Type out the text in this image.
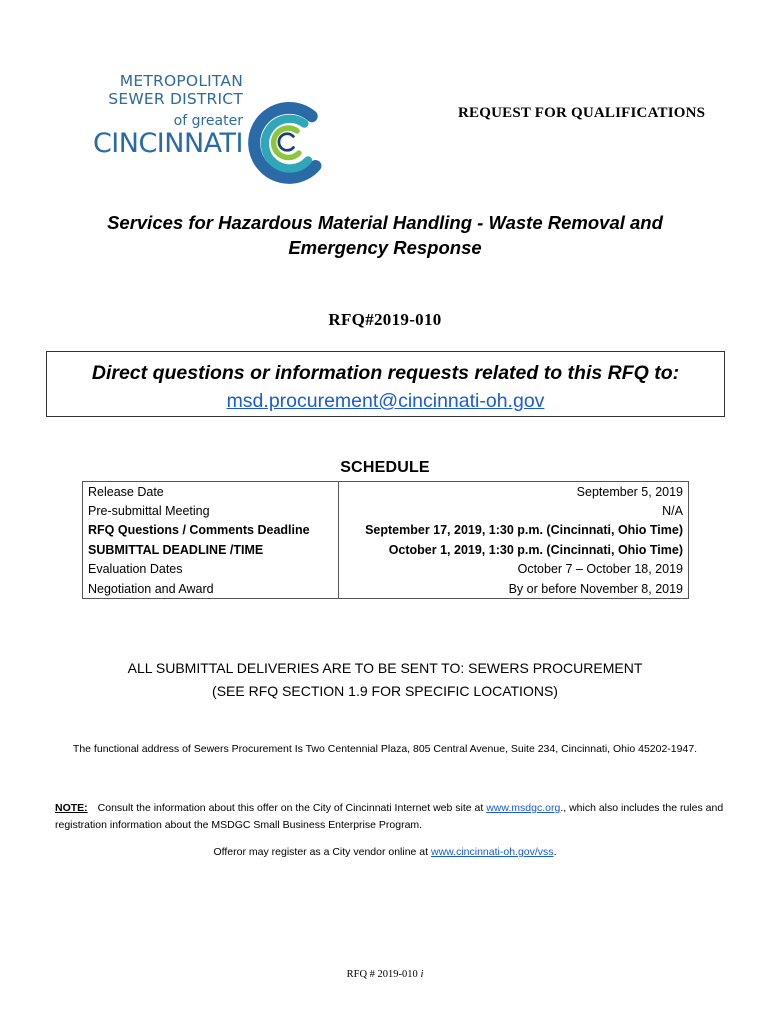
METROPOLITAN
SEWER DISTRICT
of greater
CINCINNATI
REQUEST FOR QUALIFICATIONS
Services for Hazardous Material Handling - Waste Removal and
Emergency Response
RFQ#2019-010
Direct questions or information requests related to this RFQ to:
msd.procurement@cincinnati-oh.gov
SCHEDULE
Release Date	September 5, 2019
Pre-submittal Meeting	N/A
RFQ Questions / Comments Deadline	September 17, 2019, 1:30 p.m. (Cincinnati, Ohio Time)
SUBMITTAL DEADLINE /TIME	October 1, 2019, 1:30 p.m. (Cincinnati, Ohio Time)
Evaluation Dates	October 7 – October 18, 2019
Negotiation and Award	By or before November 8, 2019
ALL SUBMITTAL DELIVERIES ARE TO BE SENT TO: SEWERS PROCUREMENT
(SEE RFQ SECTION 1.9 FOR SPECIFIC LOCATIONS)
The functional address of Sewers Procurement Is Two Centennial Plaza, 805 Central Avenue, Suite 234, Cincinnati, Ohio 45202-1947.
NOTE: Consult the information about this offer on the City of Cincinnati Internet web site at www.msdgc.org., which also includes the rules and registration information about the MSDGC Small Business Enterprise Program.
Offeror may register as a City vendor online at www.cincinnati-oh.gov/vss.
RFQ # 2019-010 i
